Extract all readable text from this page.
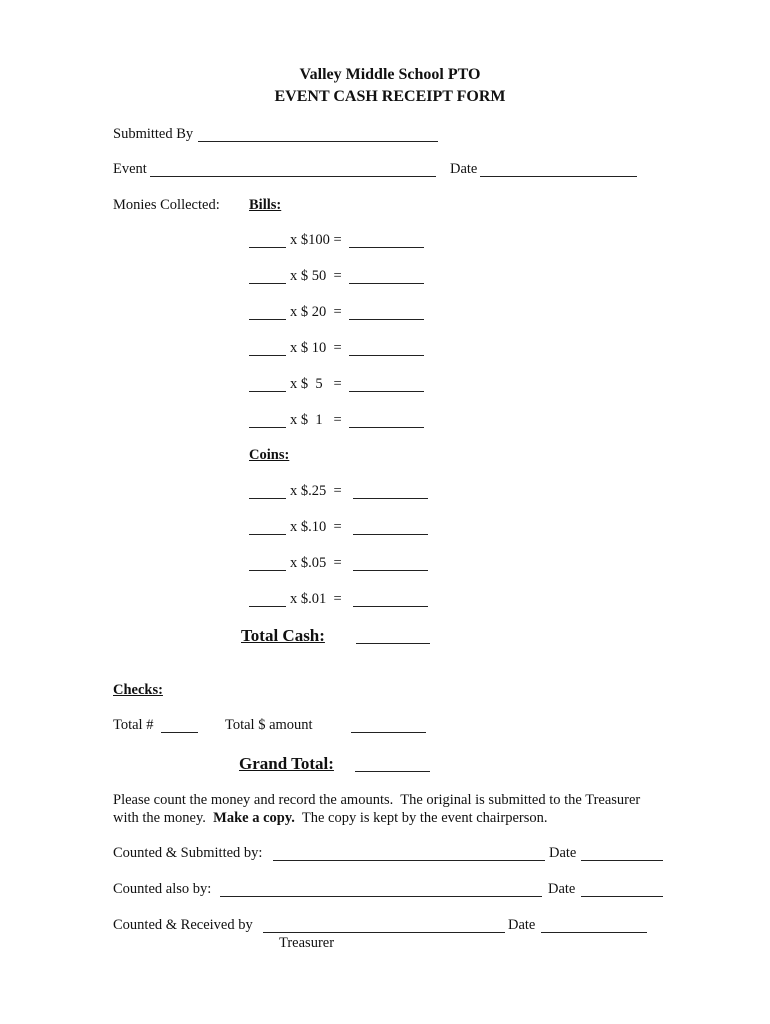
Valley Middle School PTO
EVENT CASH RECEIPT FORM
Submitted By
Event	Date
Monies Collected: Bills:
x $100 =
x $ 50  =
x $ 20  =
x $ 10  =
x $  5   =
x $  1   =
Coins:
x $.25  =
x $.10  =
x $.05  =
x $.01  =
Total Cash:
Checks:
Total #	Total $ amount
Grand Total:
Please count the money and record the amounts.  The original is submitted to the Treasurer
with the money.  Make a copy.  The copy is kept by the event chairperson.
Counted & Submitted by:	Date
Counted also by:	Date
Counted & Received by	Date
Treasurer
